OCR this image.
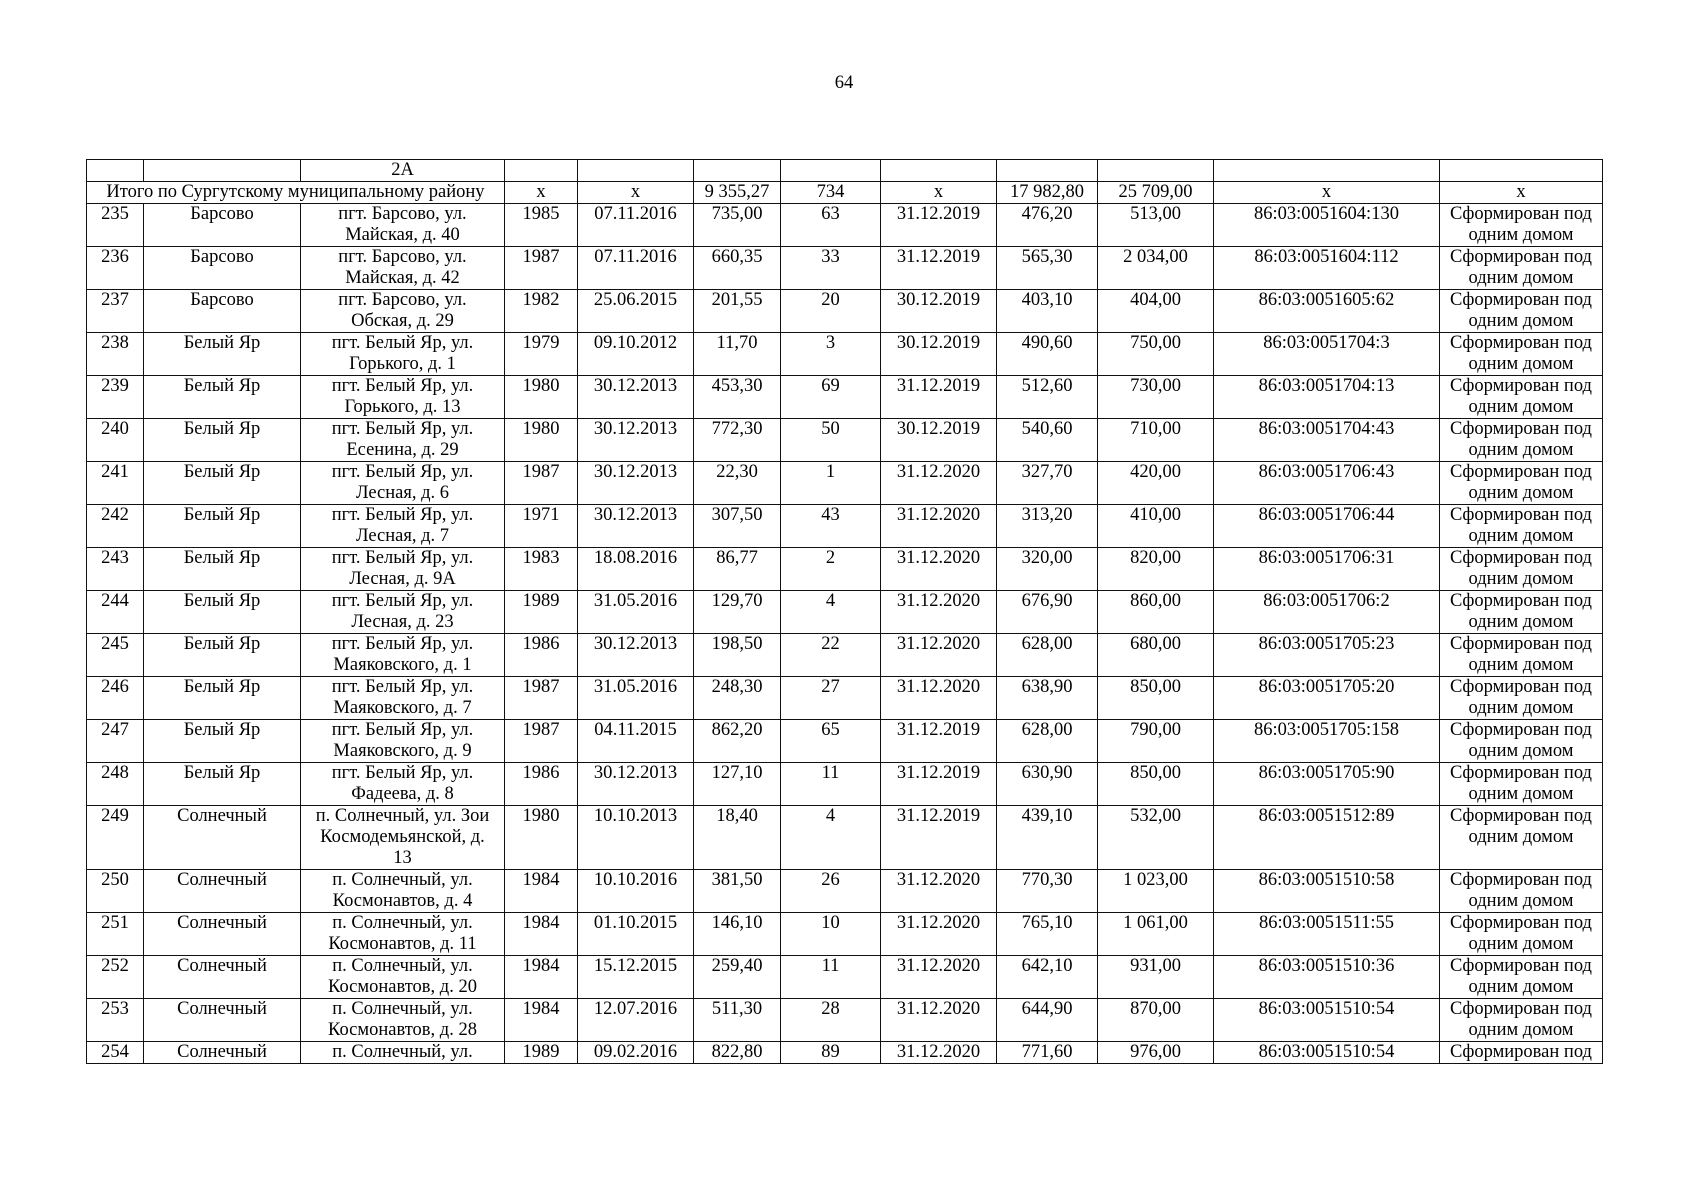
64
		2А									
Итого по Сургутскому муниципальному району			х	х	9 355,27	734	х	17 982,80	25 709,00	х	х
235	Барсово	пгт. Барсово, ул. Майская, д. 40	1985	07.11.2016	735,00	63	31.12.2019	476,20	513,00	86:03:0051604:130	Сформирован под одним домом
236	Барсово	пгт. Барсово, ул. Майская, д. 42	1987	07.11.2016	660,35	33	31.12.2019	565,30	2 034,00	86:03:0051604:112	Сформирован под одним домом
237	Барсово	пгт. Барсово, ул. Обская, д. 29	1982	25.06.2015	201,55	20	30.12.2019	403,10	404,00	86:03:0051605:62	Сформирован под одним домом
238	Белый Яр	пгт. Белый Яр, ул. Горького, д. 1	1979	09.10.2012	11,70	3	30.12.2019	490,60	750,00	86:03:0051704:3	Сформирован под одним домом
239	Белый Яр	пгт. Белый Яр, ул. Горького, д. 13	1980	30.12.2013	453,30	69	31.12.2019	512,60	730,00	86:03:0051704:13	Сформирован под одним домом
240	Белый Яр	пгт. Белый Яр, ул. Есенина, д. 29	1980	30.12.2013	772,30	50	30.12.2019	540,60	710,00	86:03:0051704:43	Сформирован под одним домом
241	Белый Яр	пгт. Белый Яр, ул. Лесная, д. 6	1987	30.12.2013	22,30	1	31.12.2020	327,70	420,00	86:03:0051706:43	Сформирован под одним домом
242	Белый Яр	пгт. Белый Яр, ул. Лесная, д. 7	1971	30.12.2013	307,50	43	31.12.2020	313,20	410,00	86:03:0051706:44	Сформирован под одним домом
243	Белый Яр	пгт. Белый Яр, ул. Лесная, д. 9А	1983	18.08.2016	86,77	2	31.12.2020	320,00	820,00	86:03:0051706:31	Сформирован под одним домом
244	Белый Яр	пгт. Белый Яр, ул. Лесная, д. 23	1989	31.05.2016	129,70	4	31.12.2020	676,90	860,00	86:03:0051706:2	Сформирован под одним домом
245	Белый Яр	пгт. Белый Яр, ул. Маяковского, д. 1	1986	30.12.2013	198,50	22	31.12.2020	628,00	680,00	86:03:0051705:23	Сформирован под одним домом
246	Белый Яр	пгт. Белый Яр, ул. Маяковского, д. 7	1987	31.05.2016	248,30	27	31.12.2020	638,90	850,00	86:03:0051705:20	Сформирован под одним домом
247	Белый Яр	пгт. Белый Яр, ул. Маяковского, д. 9	1987	04.11.2015	862,20	65	31.12.2019	628,00	790,00	86:03:0051705:158	Сформирован под одним домом
248	Белый Яр	пгт. Белый Яр, ул. Фадеева, д. 8	1986	30.12.2013	127,10	11	31.12.2019	630,90	850,00	86:03:0051705:90	Сформирован под одним домом
249	Солнечный	п. Солнечный, ул. Зои Космодемьянской, д. 13	1980	10.10.2013	18,40	4	31.12.2019	439,10	532,00	86:03:0051512:89	Сформирован под одним домом
250	Солнечный	п. Солнечный, ул. Космонавтов, д. 4	1984	10.10.2016	381,50	26	31.12.2020	770,30	1 023,00	86:03:0051510:58	Сформирован под одним домом
251	Солнечный	п. Солнечный, ул. Космонавтов, д. 11	1984	01.10.2015	146,10	10	31.12.2020	765,10	1 061,00	86:03:0051511:55	Сформирован под одним домом
252	Солнечный	п. Солнечный, ул. Космонавтов, д. 20	1984	15.12.2015	259,40	11	31.12.2020	642,10	931,00	86:03:0051510:36	Сформирован под одним домом
253	Солнечный	п. Солнечный, ул. Космонавтов, д. 28	1984	12.07.2016	511,30	28	31.12.2020	644,90	870,00	86:03:0051510:54	Сформирован под одним домом
254	Солнечный	п. Солнечный, ул.	1989	09.02.2016	822,80	89	31.12.2020	771,60	976,00	86:03:0051510:54	Сформирован под
